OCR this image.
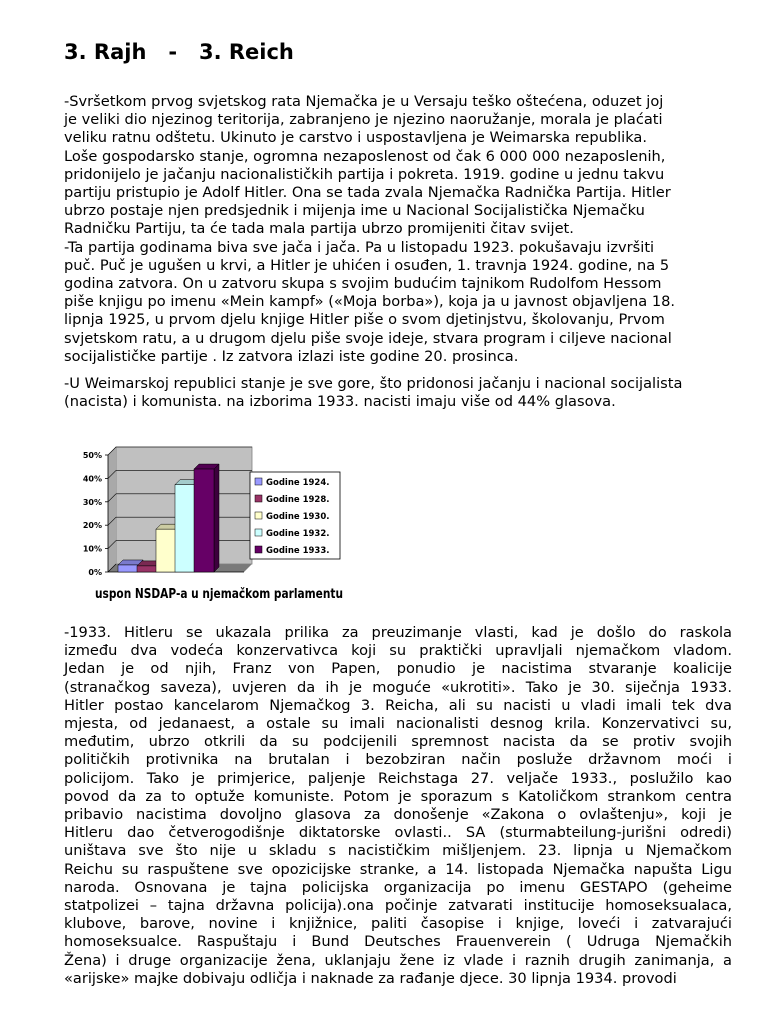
3. Rajh   -   3. Reich
-Svršetkom prvog svjetskog rata Njemačka je u Versaju teško oštećena, oduzet joj
je veliki dio njezinog teritorija, zabranjeno je njezino naoružanje, morala je plaćati
veliku ratnu odštetu. Ukinuto je carstvo i uspostavljena je Weimarska republika.
Loše gospodarsko stanje, ogromna nezaposlenost od čak 6 000 000 nezaposlenih,
pridonijelo je jačanju nacionalističkih partija i pokreta. 1919. godine u jednu takvu
partiju pristupio je Adolf Hitler. Ona se tada zvala Njemačka Radnička Partija. Hitler
ubrzo postaje njen predsjednik i mijenja ime u Nacional Socijalistička Njemačku
Radničku Partiju, ta će tada mala partija ubrzo promijeniti čitav svijet.
-Ta partija godinama biva sve jača i jača. Pa u listopadu 1923. pokušavaju izvršiti
puč. Puč je ugušen u krvi, a Hitler je uhićen i osuđen, 1. travnja 1924. godine, na 5
godina zatvora. On u zatvoru skupa s svojim budućim tajnikom Rudolfom Hessom
piše knjigu po imenu «Mein kampf» («Moja borba»), koja ja u javnost objavljena 18.
lipnja 1925, u prvom djelu knjige Hitler piše o svom djetinjstvu, školovanju, Prvom
svjetskom ratu, a u drugom djelu piše svoje ideje, stvara program i ciljeve nacional
socijalističke partije . Iz zatvora izlazi iste godine 20. prosinca.
-U Weimarskoj republici stanje je sve gore, što pridonosi jačanju i nacional socijalista
(nacista) i komunista. na izborima 1933. nacisti imaju više od 44% glasova.
0%
10%
20%
30%
40%
50%
Godine 1924.
Godine 1928.
Godine 1930.
Godine 1932.
Godine 1933.
uspon NSDAP-a u njemačkom parlamentu
-1933. Hitleru se ukazala prilika za preuzimanje vlasti, kad je došlo do raskola
između dva vodeća konzervativca koji su praktički upravljali njemačkom vladom.
Jedan je od njih, Franz von Papen, ponudio je nacistima stvaranje koalicije
(stranačkog saveza), uvjeren da ih je moguće «ukrotiti». Tako je 30. siječnja 1933.
Hitler postao kancelarom Njemačkog 3. Reicha, ali su nacisti u vladi imali tek dva
mjesta, od jedanaest, a ostale su imali nacionalisti desnog krila. Konzervativci su,
međutim, ubrzo otkrili da su podcijenili spremnost nacista da se protiv svojih
političkih protivnika na brutalan i bezobziran način posluže državnom moći i
policijom. Tako je primjerice, paljenje Reichstaga 27. veljače 1933., poslužilo kao
povod da za to optuže komuniste. Potom je sporazum s Katoličkom strankom centra
pribavio nacistima dovoljno glasova za donošenje «Zakona o ovlaštenju», koji je
Hitleru dao četverogodišnje diktatorske ovlasti.. SA (sturmabteilung-jurišni odredi)
uništava sve što nije u skladu s nacističkim mišljenjem. 23. lipnja u Njemačkom
Reichu su raspuštene sve opozicijske stranke, a 14. listopada Njemačka napušta Ligu
naroda. Osnovana je tajna policijska organizacija po imenu GESTAPO (geheime
statpolizei – tajna državna policija).ona počinje zatvarati institucije homoseksualaca,
klubove, barove, novine i knjižnice, paliti časopise i knjige, loveći i zatvarajući
homoseksualce. Raspuštaju i Bund Deutsches Frauenverein ( Udruga Njemačkih
Žena) i druge organizacije žena, uklanjaju žene iz vlade i raznih drugih zanimanja, a
«arijske» majke dobivaju odličja i naknade za rađanje djece. 30 lipnja 1934. provodi
